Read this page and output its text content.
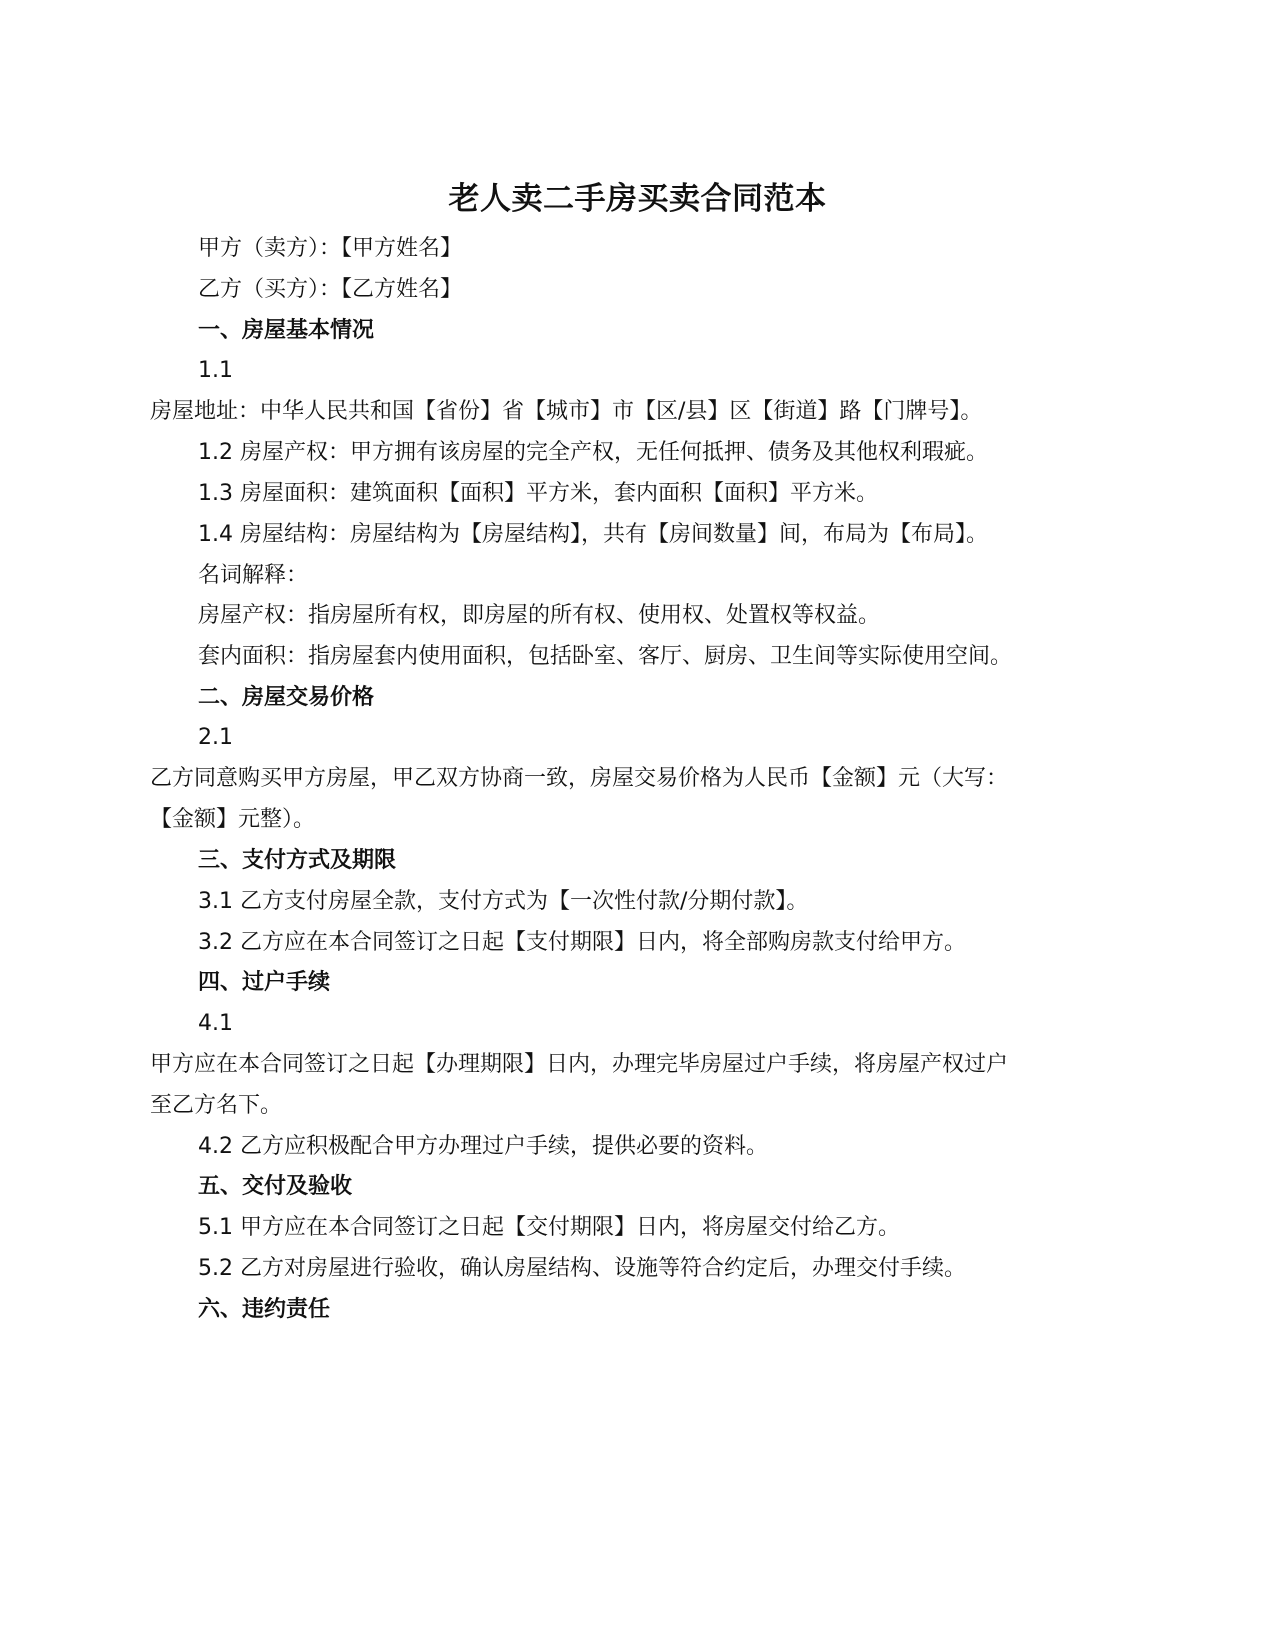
老人卖二手房买卖合同范本
甲方（卖方）：【甲方姓名】
乙方（买方）：【乙方姓名】
一、房屋基本情况
1.1
房屋地址：中华人民共和国【省份】省【城市】市【区/县】区【街道】路【门牌号】。
1.2 房屋产权：甲方拥有该房屋的完全产权，无任何抵押、债务及其他权利瑕疵。
1.3 房屋面积：建筑面积【面积】平方米，套内面积【面积】平方米。
1.4 房屋结构：房屋结构为【房屋结构】，共有【房间数量】间，布局为【布局】。
名词解释：
房屋产权：指房屋所有权，即房屋的所有权、使用权、处置权等权益。
套内面积：指房屋套内使用面积，包括卧室、客厅、厨房、卫生间等实际使用空间。
二、房屋交易价格
2.1
乙方同意购买甲方房屋，甲乙双方协商一致，房屋交易价格为人民币【金额】元（大写：
【金额】元整）。
三、支付方式及期限
3.1 乙方支付房屋全款，支付方式为【一次性付款/分期付款】。
3.2 乙方应在本合同签订之日起【支付期限】日内，将全部购房款支付给甲方。
四、过户手续
4.1
甲方应在本合同签订之日起【办理期限】日内，办理完毕房屋过户手续，将房屋产权过户
至乙方名下。
4.2 乙方应积极配合甲方办理过户手续，提供必要的资料。
五、交付及验收
5.1 甲方应在本合同签订之日起【交付期限】日内，将房屋交付给乙方。
5.2 乙方对房屋进行验收，确认房屋结构、设施等符合约定后，办理交付手续。
六、违约责任
